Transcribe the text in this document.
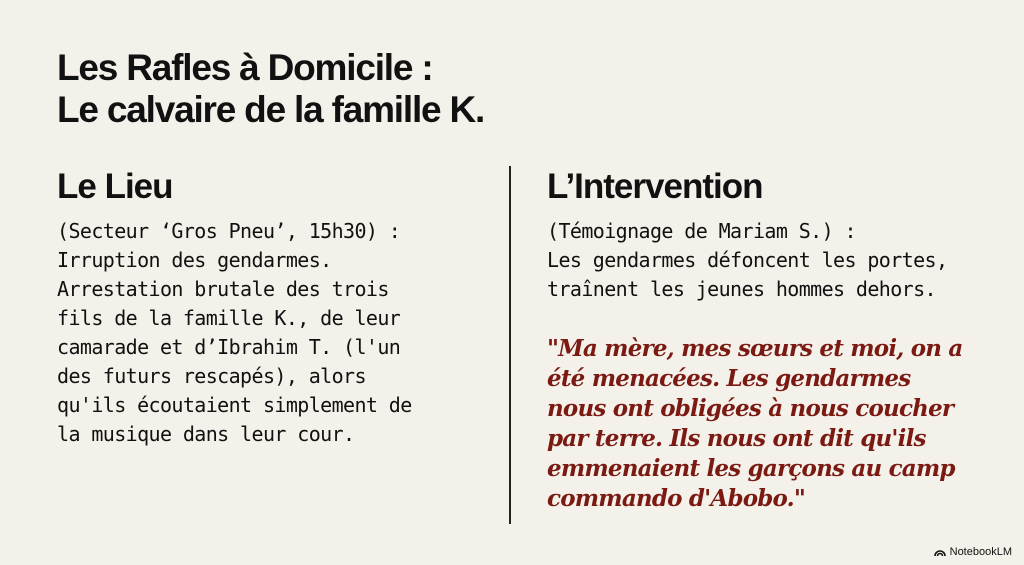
Les Rafles à Domicile :
Le calvaire de la famille K.
Le Lieu
(Secteur ‘Gros Pneu’, 15h30) :
Irruption des gendarmes.
Arrestation brutale des trois
fils de la famille K., de leur
camarade et d’Ibrahim T. (l'un
des futurs rescapés), alors
qu'ils écoutaient simplement de
la musique dans leur cour.
L’Intervention
(Témoignage de Mariam S.) :
Les gendarmes défoncent les portes,
traînent les jeunes hommes dehors.
"Ma mère, mes sœurs et moi, on a
été menacées. Les gendarmes
nous ont obligées à nous coucher
par terre. Ils nous ont dit qu'ils
emmenaient les garçons au camp
commando d'Abobo."
NotebookLM
